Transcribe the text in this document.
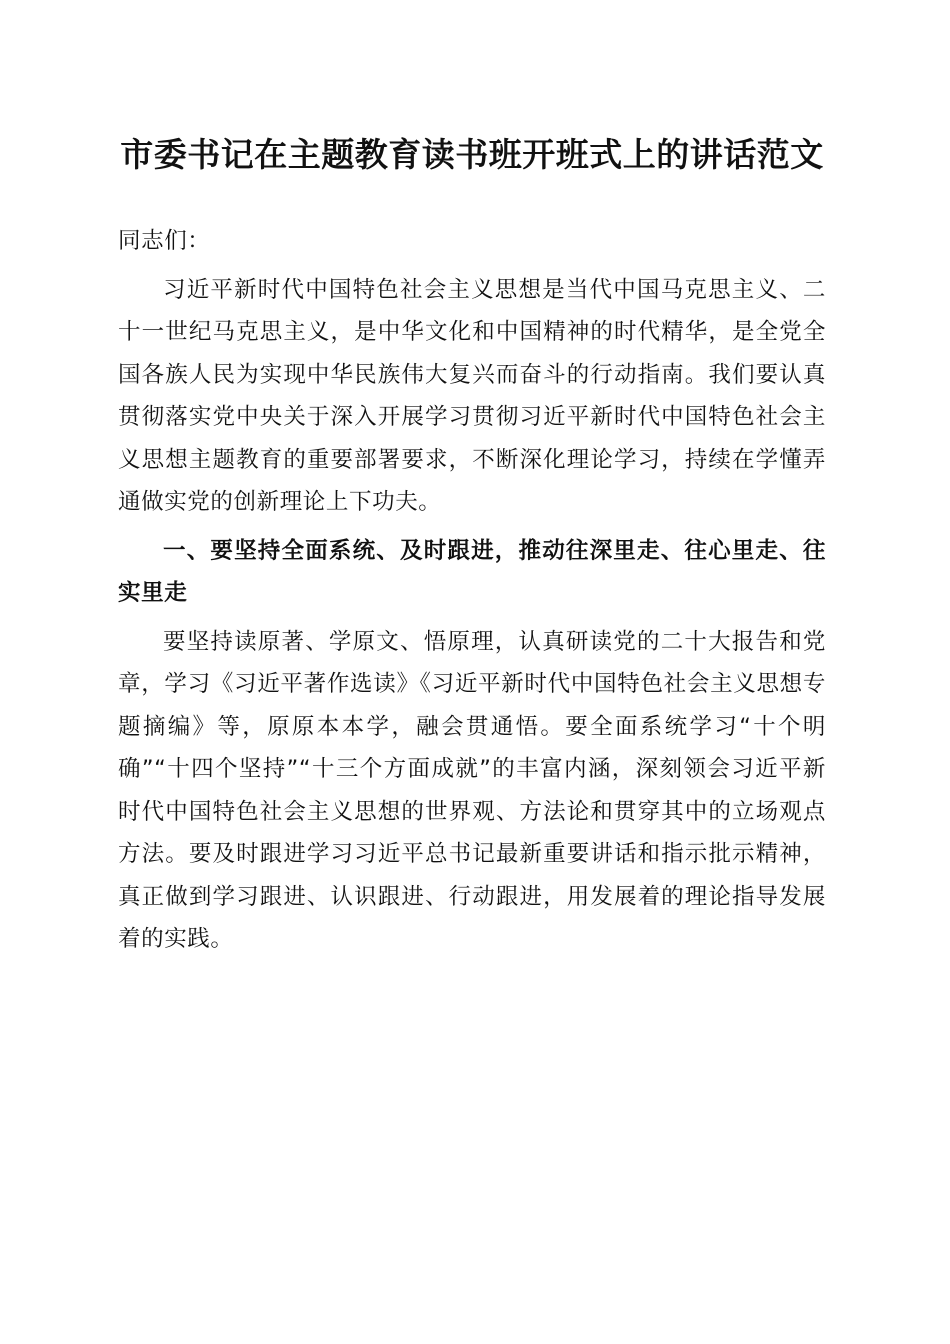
市委书记在主题教育读书班开班式上的讲话范文

同志们：

习近平新时代中国特色社会主义思想是当代中国马克思主义、二十一世纪马克思主义，是中华文化和中国精神的时代精华，是全党全国各族人民为实现中华民族伟大复兴而奋斗的行动指南。我们要认真贯彻落实党中央关于深入开展学习贯彻习近平新时代中国特色社会主义思想主题教育的重要部署要求，不断深化理论学习，持续在学懂弄通做实党的创新理论上下功夫。

一、要坚持全面系统、及时跟进，推动往深里走、往心里走、往实里走

要坚持读原著、学原文、悟原理，认真研读党的二十大报告和党章，学习《习近平著作选读》《习近平新时代中国特色社会主义思想专题摘编》等，原原本本学，融会贯通悟。要全面系统学习“十个明确”“十四个坚持”“十三个方面成就”的丰富内涵，深刻领会习近平新时代中国特色社会主义思想的世界观、方法论和贯穿其中的立场观点方法。要及时跟进学习习近平总书记最新重要讲话和指示批示精神，真正做到学习跟进、认识跟进、行动跟进，用发展着的理论指导发展着的实践。
